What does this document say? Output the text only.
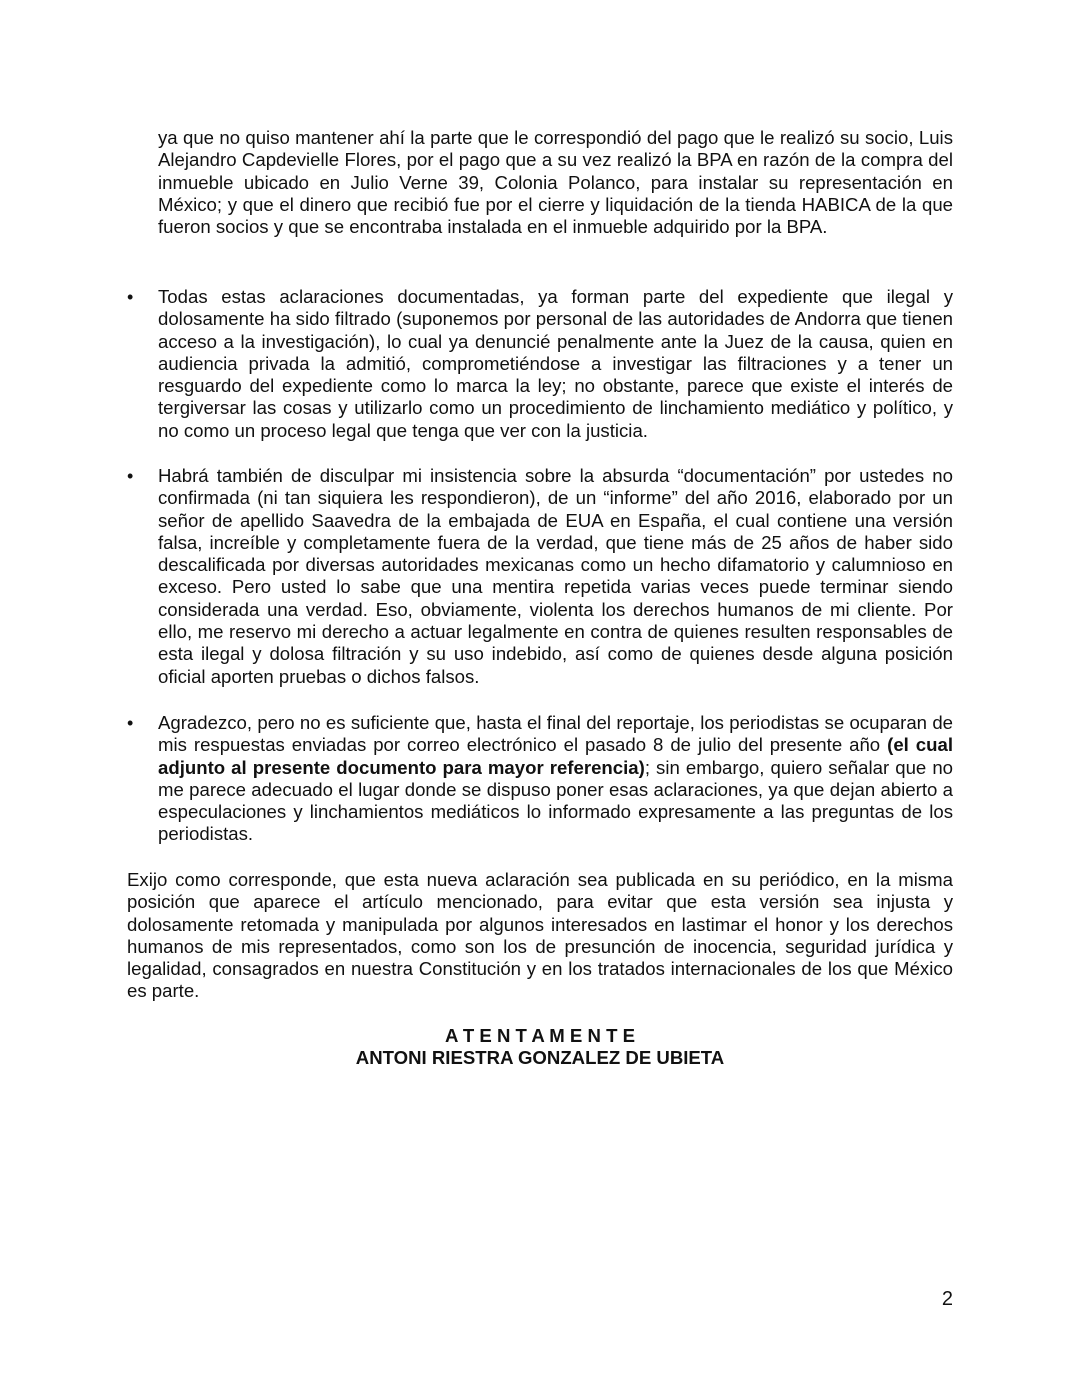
ya que no quiso mantener ahí la parte que le correspondió del pago que le realizó su socio, Luis Alejandro Capdevielle Flores, por el pago que a su vez realizó la BPA en razón de la compra del inmueble ubicado en Julio Verne 39, Colonia Polanco, para instalar su representación en México; y que el dinero que recibió fue por el cierre y liquidación de la tienda HABICA de la que fueron socios y que se encontraba instalada en el inmueble adquirido por la BPA.

• Todas estas aclaraciones documentadas, ya forman parte del expediente que ilegal y dolosamente ha sido filtrado (suponemos por personal de las autoridades de Andorra que tienen acceso a la investigación), lo cual ya denuncié penalmente ante la Juez de la causa, quien en audiencia privada la admitió, comprometiéndose a investigar las filtraciones y a tener un resguardo del expediente como lo marca la ley; no obstante, parece que existe el interés de tergiversar las cosas y utilizarlo como un procedimiento de linchamiento mediático y político, y no como un proceso legal que tenga que ver con la justicia.

• Habrá también de disculpar mi insistencia sobre la absurda “documentación” por ustedes no confirmada (ni tan siquiera les respondieron), de un “informe” del año 2016, elaborado por un señor de apellido Saavedra de la embajada de EUA en España, el cual contiene una versión falsa, increíble y completamente fuera de la verdad, que tiene más de 25 años de haber sido descalificada por diversas autoridades mexicanas como un hecho difamatorio y calumnioso en exceso. Pero usted lo sabe que una mentira repetida varias veces puede terminar siendo considerada una verdad. Eso, obviamente, violenta los derechos humanos de mi cliente. Por ello, me reservo mi derecho a actuar legalmente en contra de quienes resulten responsables de esta ilegal y dolosa filtración y su uso indebido, así como de quienes desde alguna posición oficial aporten pruebas o dichos falsos.

• Agradezco, pero no es suficiente que, hasta el final del reportaje, los periodistas se ocuparan de mis respuestas enviadas por correo electrónico el pasado 8 de julio del presente año (el cual adjunto al presente documento para mayor referencia); sin embargo, quiero señalar que no me parece adecuado el lugar donde se dispuso poner esas aclaraciones, ya que dejan abierto a especulaciones y linchamientos mediáticos lo informado expresamente a las preguntas de los periodistas.

Exijo como corresponde, que esta nueva aclaración sea publicada en su periódico, en la misma posición que aparece el artículo mencionado, para evitar que esta versión sea injusta y dolosamente retomada y manipulada por algunos interesados en lastimar el honor y los derechos humanos de mis representados, como son los de presunción de inocencia, seguridad jurídica y legalidad, consagrados en nuestra Constitución y en los tratados internacionales de los que México es parte.

A T E N T A M E N T E
ANTONI RIESTRA GONZALEZ DE UBIETA
2
